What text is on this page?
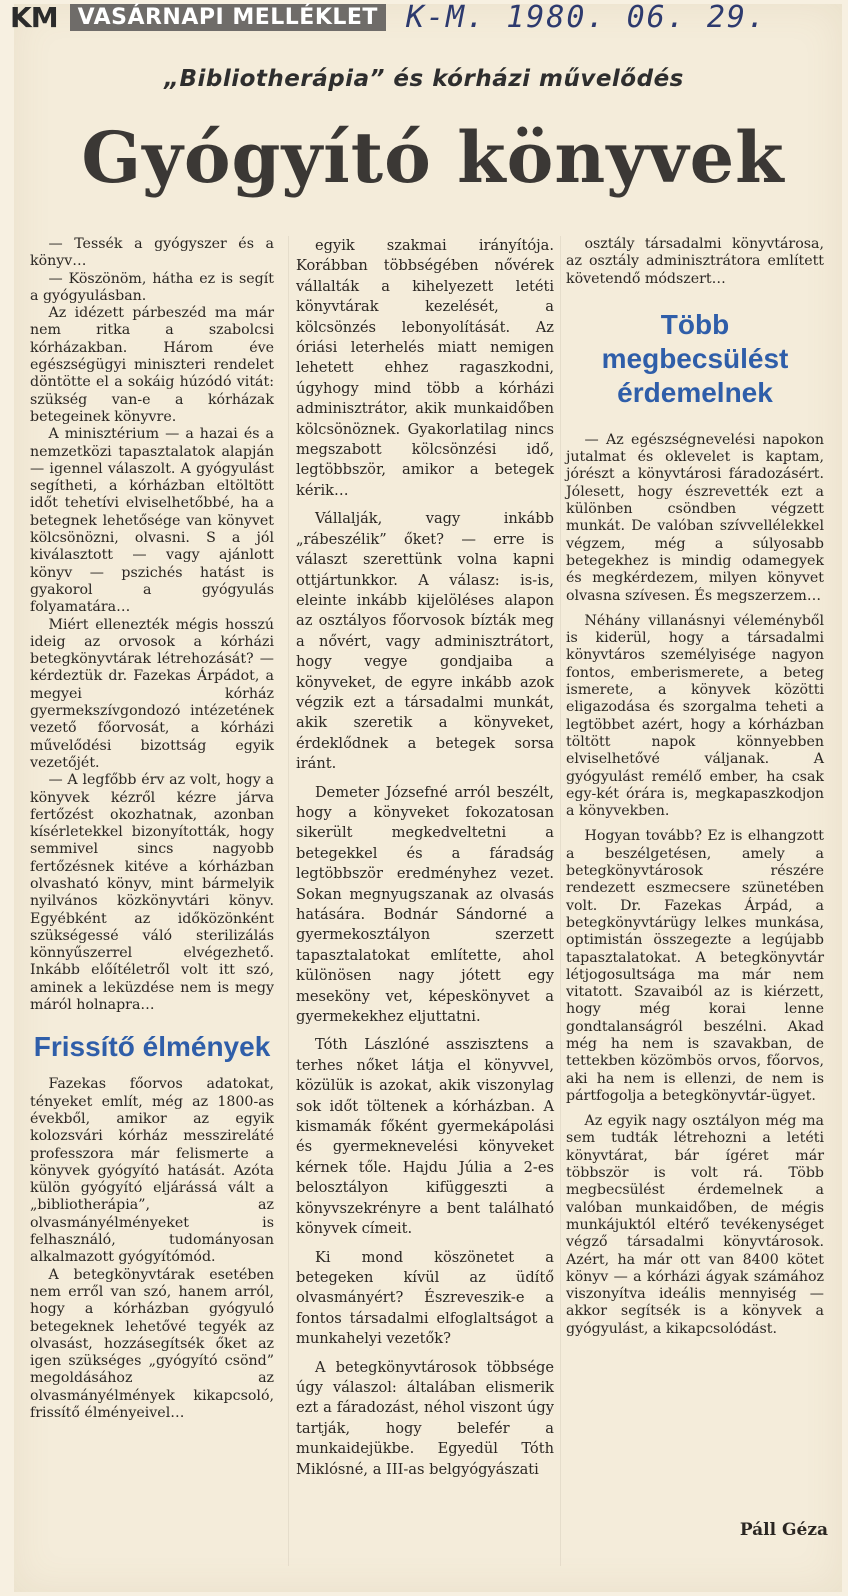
KM VASÁRNAPI MELLÉKLET K-M. 1980. 06. 29.
„Bibliotherápia” és kórházi művelődés
Gyógyító könyvek

— Tessék a gyógyszer és a könyv…

— Köszönöm, hátha ez is segít a gyógyulásban.

Az idézett párbeszéd ma már nem ritka a szabolcsi kórházakban. Három éve egészségügyi miniszteri rendelet döntötte el a sokáig húzódó vitát: szükség van-e a kórházak betegeinek könyvre.

A minisztérium — a hazai és a nemzetközi tapasztalatok alapján — igennel válaszolt. A gyógyulást segítheti, a kórházban eltöltött időt tehetívi elviselhetőbbé, ha a betegnek lehetősége van könyvet kölcsönözni, olvasni. S a jól kiválasztott — vagy ajánlott könyv — pszichés hatást is gyakorol a gyógyulás folyamatára…

Miért ellenezték mégis hosszú ideig az orvosok a kórházi betegkönyvtárak létrehozását? — kérdeztük dr. Fazekas Árpádot, a megyei kórház gyermekszívgondozó intézetének vezető főorvosát, a kórházi művelődési bizottság egyik vezetőjét.

— A legfőbb érv az volt, hogy a könyvek kézről kézre járva fertőzést okozhatnak, azonban kísérletekkel bizonyították, hogy semmivel sincs nagyobb fertőzésnek kitéve a kórházban olvasható könyv, mint bármelyik nyilvános közkönyvtári könyv. Egyébként az időközönként szükségessé váló sterilizálás könnyűszerrel elvégezhető. Inkább előítéletről volt itt szó, aminek a leküzdése nem is megy máról holnapra…

Frissítő élmények

Fazekas főorvos adatokat, tényeket említ, még az 1800-as évekből, amikor az egyik kolozsvári kórház messzireláté professzora már felismerte a könyvek gyógyító hatását. Azóta külön gyógyító eljárássá vált a „bibliotherápia”, az olvasmányélményeket is felhasználó, tudományosan alkalmazott gyógyítómód.

A betegkönyvtárak esetében nem erről van szó, hanem arról, hogy a kórházban gyógyuló betegeknek lehetővé tegyék az olvasást, hozzásegítsék őket az igen szükséges „gyógyító csönd” megoldásához az olvasmányélmények kikapcsoló, frissítő élményeivel…

egyik szakmai irányítója. Korábban többségében nővérek vállalták a kihelyezett letéti könyvtárak kezelését, a kölcsönzés lebonyolítását. Az óriási leterhelés miatt nemigen lehetett ehhez ragaszkodni, úgyhogy mind több a kórházi adminisztrátor, akik munkaidőben kölcsönöznek. Gyakorlatilag nincs megszabott kölcsönzési idő, legtöbbször, amikor a betegek kérik…

Vállalják, vagy inkább „rábeszélik” őket? — erre is választ szerettünk volna kapni ottjártunkkor. A válasz: is-is, eleinte inkább kijelöléses alapon az osztályos főorvosok bízták meg a nővért, vagy adminisztrátort, hogy vegye gondjaiba a könyveket, de egyre inkább azok végzik ezt a társadalmi munkát, akik szeretik a könyveket, érdeklődnek a betegek sorsa iránt.

Demeter Józsefné arról beszélt, hogy a könyveket fokozatosan sikerült megkedveltetni a betegekkel és a fáradság legtöbbször eredményhez vezet. Sokan megnyugszanak az olvasás hatására. Bodnár Sándorné a gyermekosztályon szerzett tapasztalatokat említette, ahol különösen nagy jótett egy meseköny vet, képeskönyvet a gyermekekhez eljuttatni.

Tóth Lászlóné asszisztens a terhes nőket látja el könyvvel, közülük is azokat, akik viszonylag sok időt töltenek a kórházban. A kismamák főként gyermekápolási és gyermeknevelési könyveket kérnek tőle. Hajdu Júlia a 2-es belosztályon kifüggeszti a könyvszekrényre a bent található könyvek címeit.

Ki mond köszönetet a betegeken kívül az üdítő olvasmányért? Észreveszik-e a fontos társadalmi elfoglaltságot a munkahelyi vezetők?

A betegkönyvtárosok többsége úgy válaszol: általában elismerik ezt a fáradozást, néhol viszont úgy tartják, hogy belefér a munkaidejükbe. Egyedül Tóth Miklósné, a III-as belgyógyászati

osztály társadalmi könyvtárosa, az osztály adminisztrátora említett követendő módszert…

Több megbecsülést érdemelnek

— Az egészségnevelési napokon jutalmat és oklevelet is kaptam, jórészt a könyvtárosi fáradozásért. Jólesett, hogy észrevették ezt a különben csöndben végzett munkát. De valóban szívvellélekkel végzem, még a súlyosabb betegekhez is mindig odamegyek és megkérdezem, milyen könyvet olvasna szívesen. És megszerzem…

Néhány villanásnyi véleményből is kiderül, hogy a társadalmi könyvtáros személyisége nagyon fontos, emberismerete, a beteg ismerete, a könyvek közötti eligazodása és szorgalma teheti a legtöbbet azért, hogy a kórházban töltött napok könnyebben elviselhetővé váljanak. A gyógyulást remélő ember, ha csak egy-két órára is, megkapaszkodjon a könyvekben.

Hogyan tovább? Ez is elhangzott a beszélgetésen, amely a betegkönyvtárosok részére rendezett eszmecsere szünetében volt. Dr. Fazekas Árpád, a betegkönyvtárügy lelkes munkása, optimistán összegezte a legújabb tapasztalatokat. A betegkönyvtár létjogosultsága ma már nem vitatott. Szavaiból az is kiérzett, hogy még korai lenne gondtalanságról beszélni. Akad még ha nem is szavakban, de tettekben közömbös orvos, főorvos, aki ha nem is ellenzi, de nem is pártfogolja a betegkönyvtár-ügyet.

Az egyik nagy osztályon még ma sem tudták létrehozni a letéti könyvtárat, bár ígéret már többször is volt rá. Több megbecsülést érdemelnek a valóban munkaidőben, de mégis munkájuktól eltérő tevékenységet végző társadalmi könyvtárosok. Azért, ha már ott van 8400 kötet könyv — a kórházi ágyak számához viszonyítva ideális mennyiség — akkor segítsék is a könyvek a gyógyulást, a kikapcsolódást.

Páll Géza
